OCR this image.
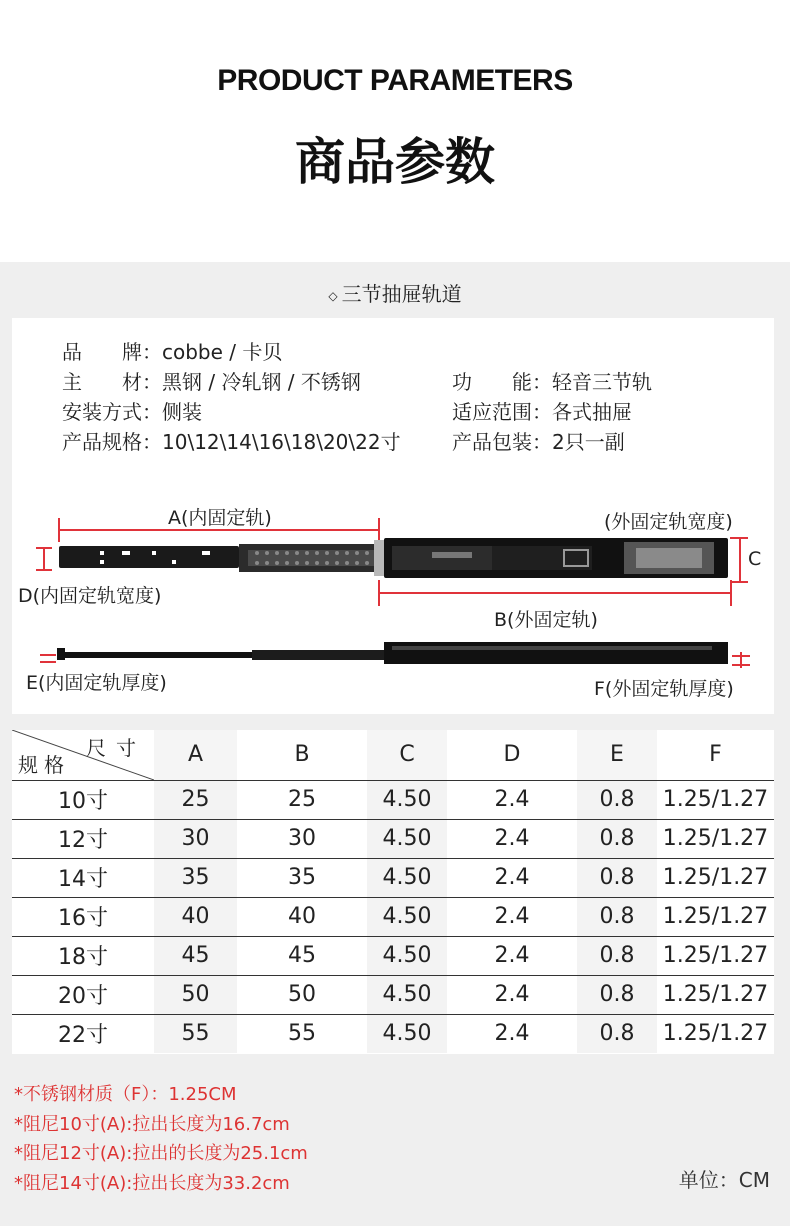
PRODUCT PARAMETERS
商品参数
◇ 三节抽屉轨道
品　　牌：cobbe / 卡贝
主　　材：黑钢 / 冷轧钢 / 不锈钢	功　　能：轻音三节轨
安装方式：侧装	适应范围：各式抽屉
产品规格：10\12\14\16\18\20\22寸	产品包装：2只一副
A(内固定轨)	(外固定轨宽度)
C
D(内固定轨宽度)
B(外固定轨)
E(内固定轨厚度)	F(外固定轨厚度)
尺寸
规格	A	B	C	D	E	F
10寸	25	25	4.50	2.4	0.8	1.25/1.27
12寸	30	30	4.50	2.4	0.8	1.25/1.27
14寸	35	35	4.50	2.4	0.8	1.25/1.27
16寸	40	40	4.50	2.4	0.8	1.25/1.27
18寸	45	45	4.50	2.4	0.8	1.25/1.27
20寸	50	50	4.50	2.4	0.8	1.25/1.27
22寸	55	55	4.50	2.4	0.8	1.25/1.27
*不锈钢材质（F）：1.25CM
*阻尼10寸(A):拉出长度为16.7cm
*阻尼12寸(A):拉出的长度为25.1cm
*阻尼14寸(A):拉出长度为33.2cm	单位：CM
